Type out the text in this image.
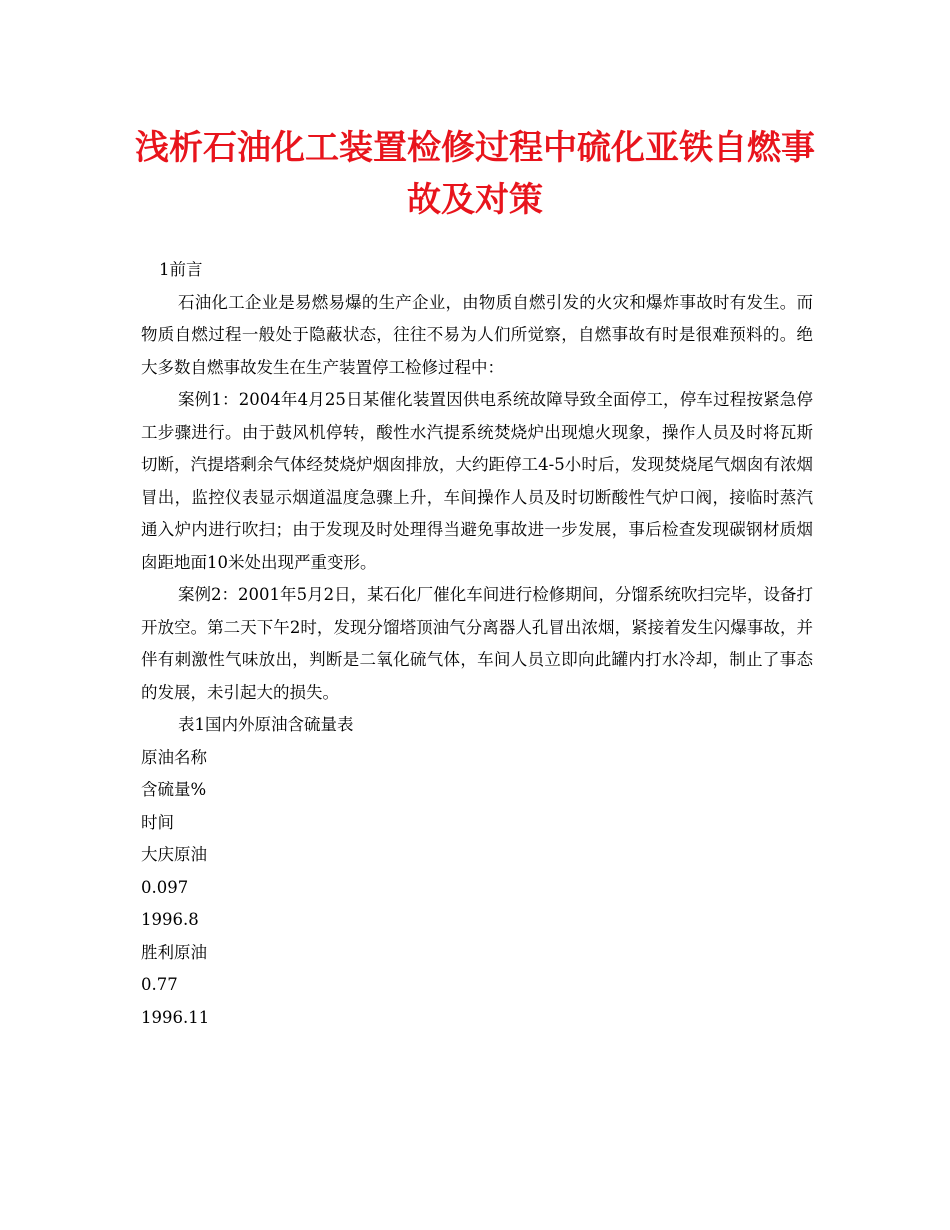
浅析石油化工装置检修过程中硫化亚铁自燃事故及对策

1前言

石油化工企业是易燃易爆的生产企业，由物质自燃引发的火灾和爆炸事故时有发生。而物质自燃过程一般处于隐蔽状态，往往不易为人们所觉察，自燃事故有时是很难预料的。绝大多数自燃事故发生在生产装置停工检修过程中：

案例1：2004年4月25日某催化装置因供电系统故障导致全面停工，停车过程按紧急停工步骤进行。由于鼓风机停转，酸性水汽提系统焚烧炉出现熄火现象，操作人员及时将瓦斯切断，汽提塔剩余气体经焚烧炉烟囱排放，大约距停工4-5小时后，发现焚烧尾气烟囱有浓烟冒出，监控仪表显示烟道温度急骤上升，车间操作人员及时切断酸性气炉口阀，接临时蒸汽通入炉内进行吹扫；由于发现及时处理得当避免事故进一步发展，事后检查发现碳钢材质烟囱距地面10米处出现严重变形。

案例2：2001年5月2日，某石化厂催化车间进行检修期间，分馏系统吹扫完毕，设备打开放空。第二天下午2时，发现分馏塔顶油气分离器人孔冒出浓烟，紧接着发生闪爆事故，并伴有刺激性气味放出，判断是二氧化硫气体，车间人员立即向此罐内打水冷却，制止了事态的发展，未引起大的损失。

表1国内外原油含硫量表

原油名称

含硫量%

时间

大庆原油

0.097

1996.8

胜利原油

0.77

1996.11
